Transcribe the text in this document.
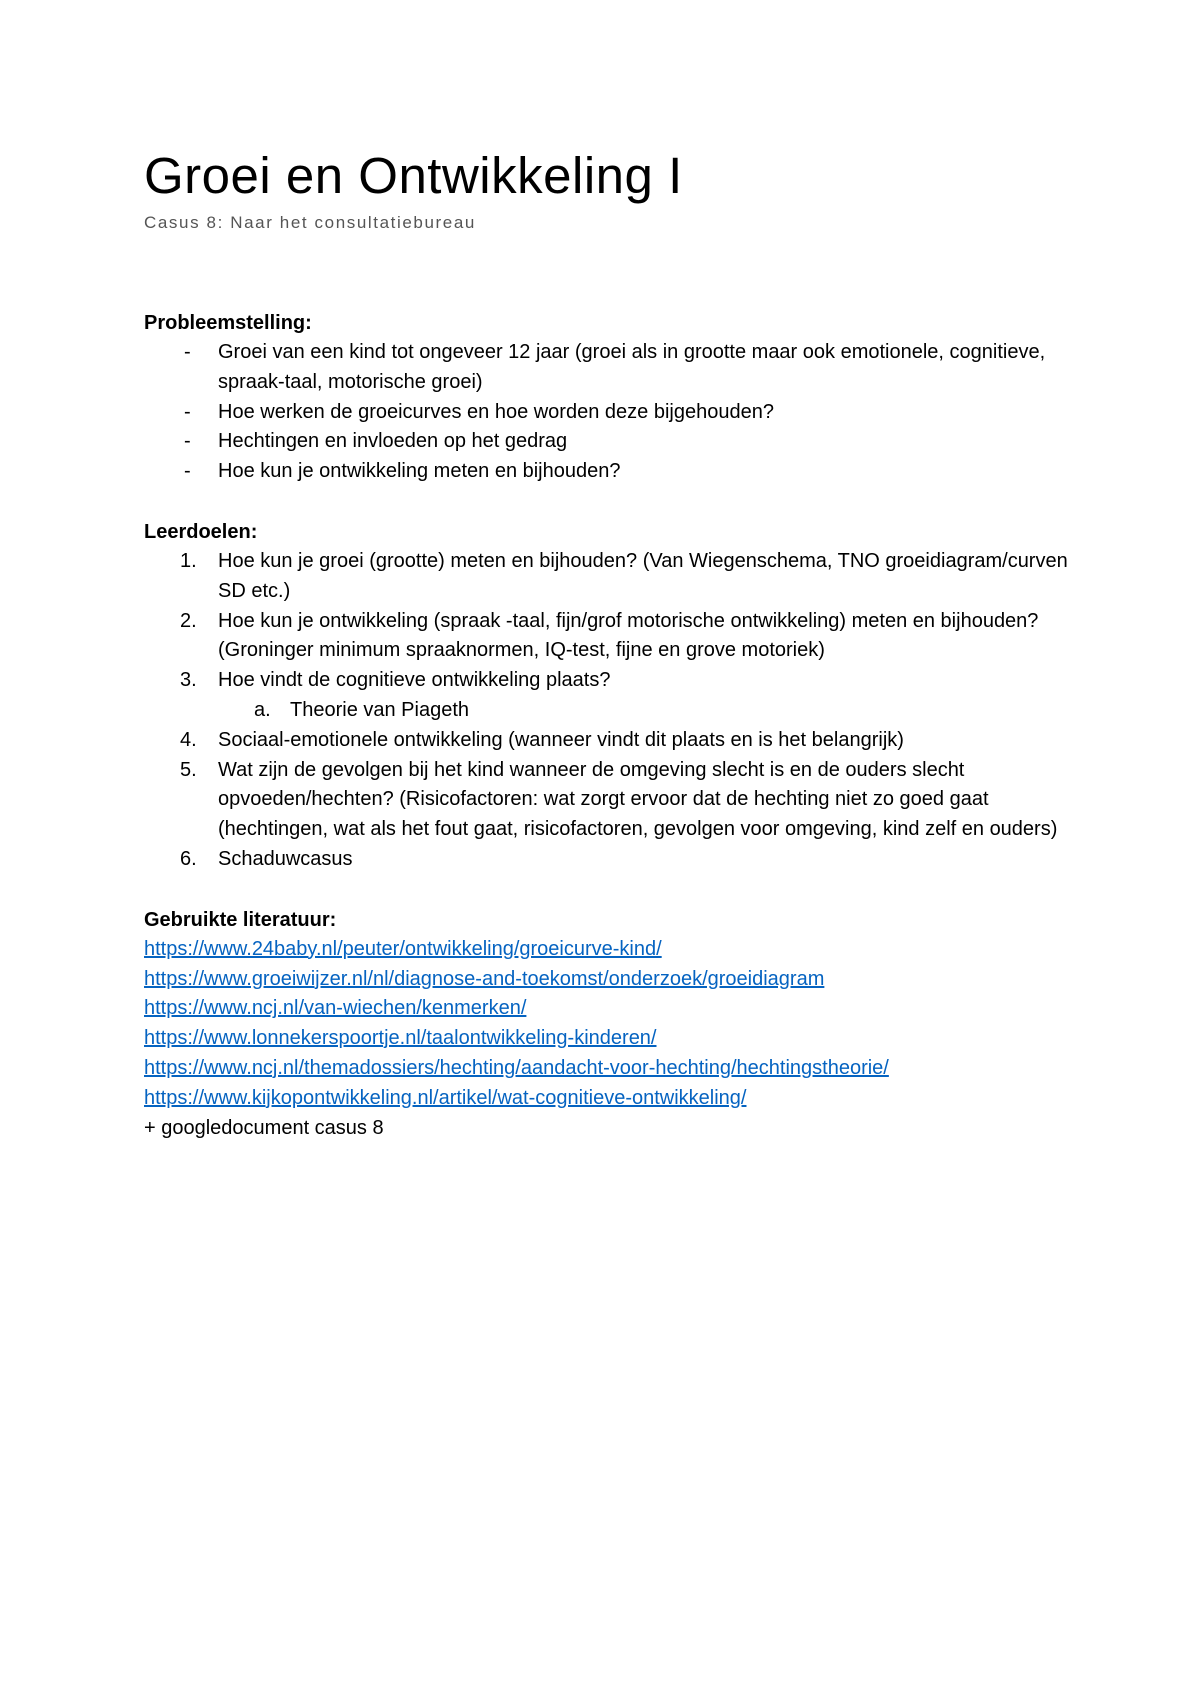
Groei en Ontwikkeling I
Casus 8: Naar het consultatiebureau
Probleemstelling:
- Groei van een kind tot ongeveer 12 jaar (groei als in grootte maar ook emotionele, cognitieve, spraak-taal, motorische groei)
- Hoe werken de groeicurves en hoe worden deze bijgehouden?
- Hechtingen en invloeden op het gedrag
- Hoe kun je ontwikkeling meten en bijhouden?
Leerdoelen:
1. Hoe kun je groei (grootte) meten en bijhouden? (Van Wiegenschema, TNO groeidiagram/curven SD etc.)
2. Hoe kun je ontwikkeling (spraak -taal, fijn/grof motorische ontwikkeling) meten en bijhouden? (Groninger minimum spraaknormen, IQ-test, fijne en grove motoriek)
3. Hoe vindt de cognitieve ontwikkeling plaats?
a. Theorie van Piageth
4. Sociaal-emotionele ontwikkeling (wanneer vindt dit plaats en is het belangrijk)
5. Wat zijn de gevolgen bij het kind wanneer de omgeving slecht is en de ouders slecht opvoeden/hechten? (Risicofactoren: wat zorgt ervoor dat de hechting niet zo goed gaat (hechtingen, wat als het fout gaat, risicofactoren, gevolgen voor omgeving, kind zelf en ouders)
6. Schaduwcasus
Gebruikte literatuur:
https://www.24baby.nl/peuter/ontwikkeling/groeicurve-kind/
https://www.groeiwijzer.nl/nl/diagnose-and-toekomst/onderzoek/groeidiagram
https://www.ncj.nl/van-wiechen/kenmerken/
https://www.lonnekerspoortje.nl/taalontwikkeling-kinderen/
https://www.ncj.nl/themadossiers/hechting/aandacht-voor-hechting/hechtingstheorie/
https://www.kijkopontwikkeling.nl/artikel/wat-cognitieve-ontwikkeling/
+ googledocument casus 8
